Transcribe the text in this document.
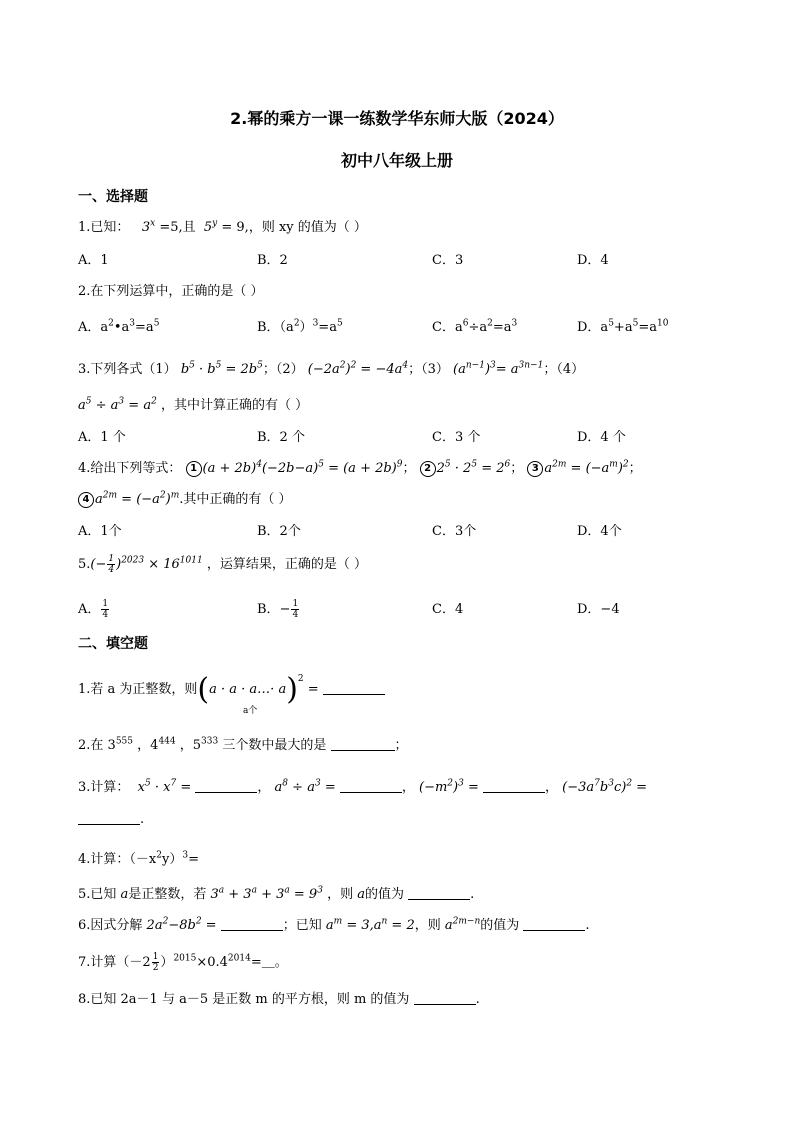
2.幂的乘方一课一练数学华东师大版（2024）
初中八年级上册
一、选择题
1.已知： $3^x =5$,且 $5^y = 9$,，则 xy 的值为（ ）
A．1	B．2	C．3	D．4
2.在下列运算中，正确的是（ ）
A．$a^2•a^3=a^5$	B．$(a^2)^3=a^5$	C．$a^6\div a^2=a^3$	D．$a^5+a^5=a^{10}$
3.下列各式（1） $b^5 \cdot b^5 = 2b^5$；（2） $(-2a^2)^2 = -4a^4$；（3） $(a^{n-1})^3= a^{3n-1}$；（4）
$a^5 \div a^3 = a^2$ ，其中计算正确的有（ ）
A．1 个	B．2 个	C．3 个	D．4 个
4.给出下列等式： 1 $(a + 2b)^4(-2b-a)^5 = (a + 2b)^9$； 2 $2^5 \cdot 2^5 = 2^6$； 3 $a^{2m} = (-a^m)^2$；
4 $a^{2m} = (-a^2)^m$.其中正确的有（ ）
A．1个	B．2个	C．3个	D．4个
$5.(- \frac{1}{4} )^{2023} \times 16^{1011}$ ，运算结果，正确的是（ ）
A． $\frac{1}{4}$	B．− $\frac{1}{4}$	C．4	D．−4
二、填空题
1.若 a 为正整数，则(a · a · a…· a)$^2$ =
a个
2.在 $3^{555}$ ，$4^{444}$ ，$5^{333}$ 三个数中最大的是	；
3.计算： $x^5 \cdot x^7$ =	， $a^8 \div a^3$ =	， $(-m^2)^3$ =	， $(-3a^7b^3c)^2$ =
.
4.计算：$(-x^2y)^3=$
5.已知 a是正整数，若 $3^a + 3^a + 3^a = 9^3$ ，则 a的值为	.
6.因式分解 $2a^2-8b^2$ =	；已知 $a^m = 3,a^n = 2$，则 $a^{2m-n}$的值为	.
7.计算（$-2 \frac{1}{2}$ ）$^{2015}\times 0.4^{2014}=\_$。
8.已知 2a－1 与 a－5 是正数 m 的平方根，则 m 的值为	.
